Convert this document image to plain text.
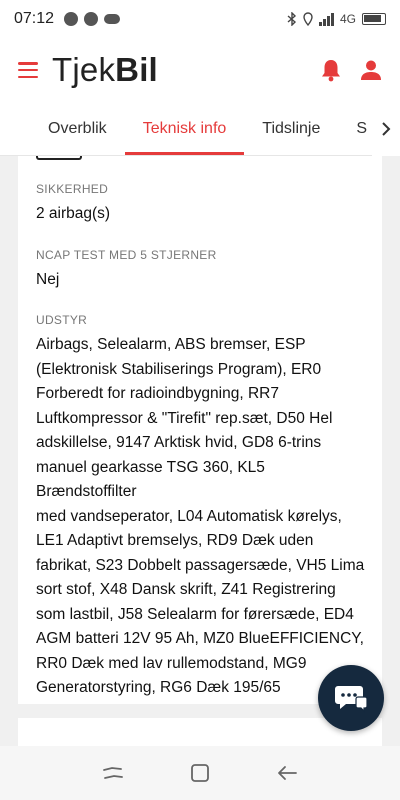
07:12	4G
TjekBil
Overblik	Teknisk info	Tidslinje	S
SIKKERHED
2 airbag(s)
NCAP TEST MED 5 STJERNER
Nej
UDSTYR
Airbags, Selealarm, ABS bremser, ESP
(Elektronisk Stabiliserings Program), ER0
Forberedt for radioindbygning, RR7
Luftkompressor & "Tirefit" rep.sæt, D50 Hel
adskillelse, 9147 Arktisk hvid, GD8 6-trins
manuel gearkasse TSG 360, KL5 Brændstoffilter
med vandseperator, L04 Automatisk kørelys,
LE1 Adaptivt bremselys, RD9 Dæk uden
fabrikat, S23 Dobbelt passagersæde, VH5 Lima
sort stof, X48 Dansk skrift, Z41 Registrering
som lastbil, J58 Selealarm for førersæde, ED4
AGM batteri 12V 95 Ah, MZ0 BlueEFFICIENCY,
RR0 Dæk med lav rullemodstand, MG9
Generatorstyring, RG6 Dæk 195/65
